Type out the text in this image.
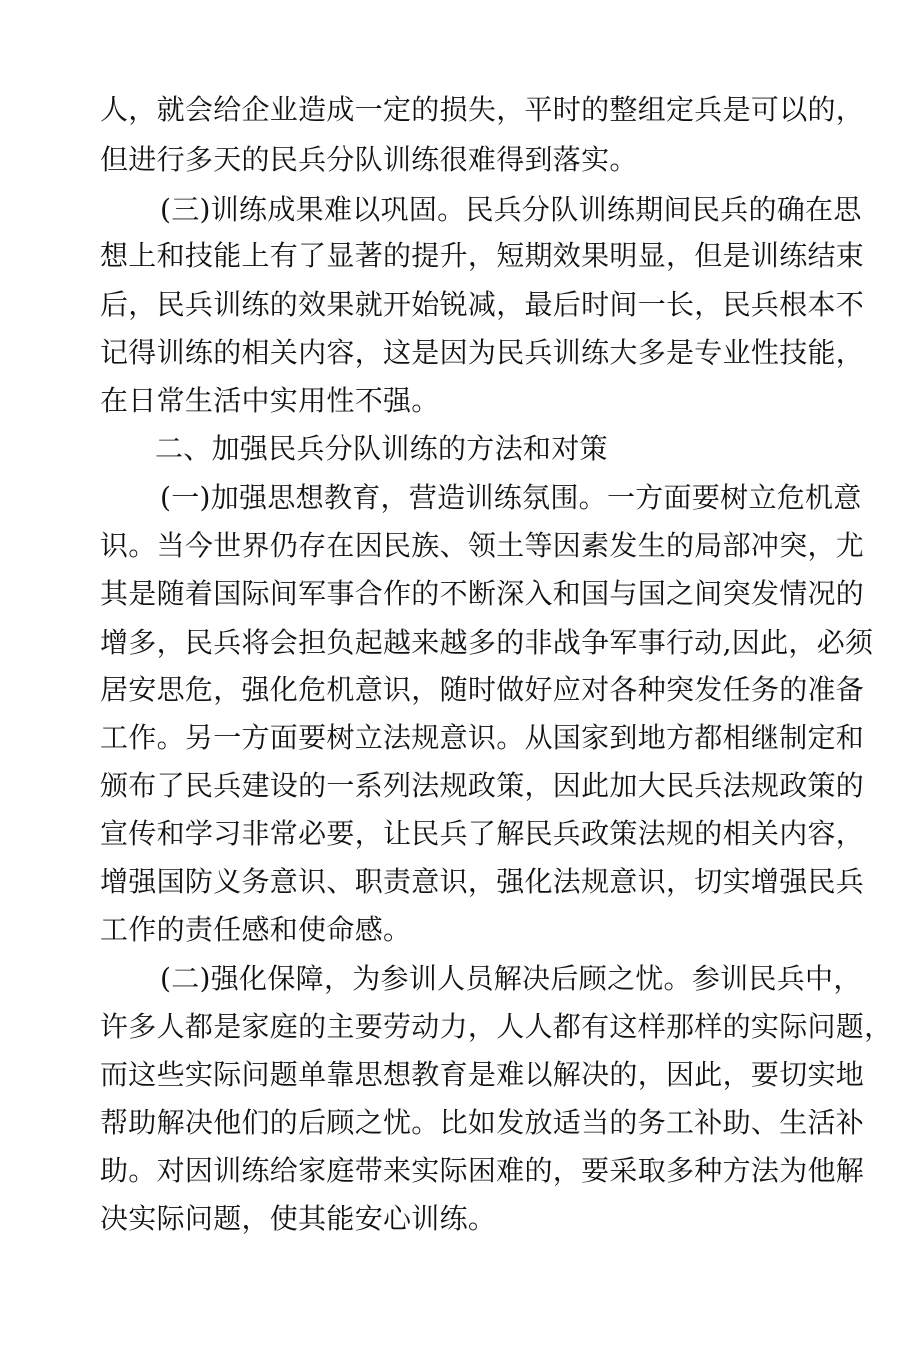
人，就会给企业造成一定的损失，平时的整组定兵是可以的，
但进行多天的民兵分队训练很难得到落实。
(三)训练成果难以巩固。民兵分队训练期间民兵的确在思
想上和技能上有了显著的提升，短期效果明显，但是训练结束
后，民兵训练的效果就开始锐减，最后时间一长，民兵根本不
记得训练的相关内容，这是因为民兵训练大多是专业性技能，
在日常生活中实用性不强。
二、加强民兵分队训练的方法和对策
(一)加强思想教育，营造训练氛围。一方面要树立危机意
识。当今世界仍存在因民族、领土等因素发生的局部冲突，尤
其是随着国际间军事合作的不断深入和国与国之间突发情况的
增多，民兵将会担负起越来越多的非战争军事行动,因此，必须
居安思危，强化危机意识，随时做好应对各种突发任务的准备
工作。另一方面要树立法规意识。从国家到地方都相继制定和
颁布了民兵建设的一系列法规政策，因此加大民兵法规政策的
宣传和学习非常必要，让民兵了解民兵政策法规的相关内容，
增强国防义务意识、职责意识，强化法规意识，切实增强民兵
工作的责任感和使命感。
(二)强化保障，为参训人员解决后顾之忧。参训民兵中，
许多人都是家庭的主要劳动力，人人都有这样那样的实际问题，
而这些实际问题单靠思想教育是难以解决的，因此，要切实地
帮助解决他们的后顾之忧。比如发放适当的务工补助、生活补
助。对因训练给家庭带来实际困难的，要采取多种方法为他解
决实际问题，使其能安心训练。
